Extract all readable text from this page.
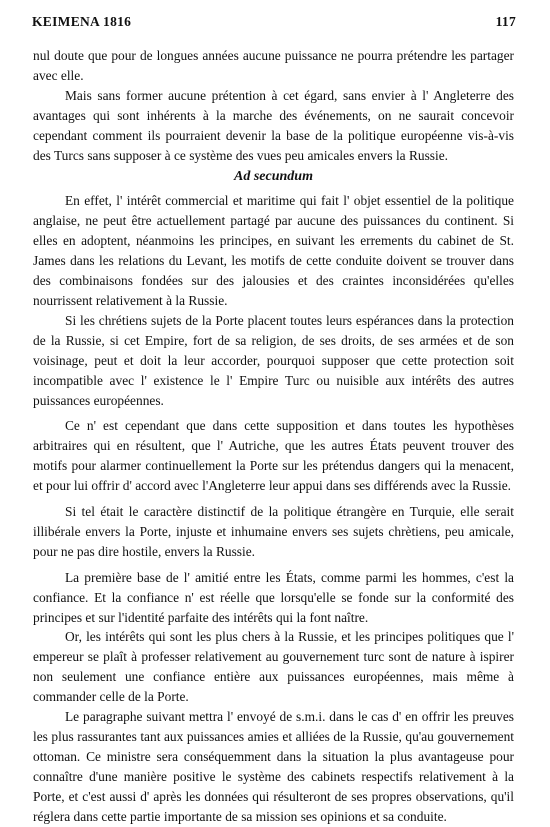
KEIMENA 1816	117

nul doute que pour de longues années aucune puissance ne pourra prétendre les partager avec elle.

Mais sans former aucune prétention à cet égard, sans envier à l' Angleterre des avantages qui sont inhérents à la marche des événements, on ne saurait concevoir cependant comment ils pourraient devenir la base de la politique européenne vis-à-vis des Turcs sans supposer à ce système des vues peu amicales envers la Russie.

Ad secundum

En effet, l' intérêt commercial et maritime qui fait l' objet essentiel de la politique anglaise, ne peut être actuellement partagé par aucune des puissances du continent. Si elles en adoptent, néanmoins les principes, en suivant les errements du cabinet de St. James dans les relations du Levant, les motifs de cette conduite doivent se trouver dans des combinaisons fondées sur des jalousies et des craintes inconsidérées qu'elles nourrissent relativement à la Russie.

Si les chrétiens sujets de la Porte placent toutes leurs espérances dans la protection de la Russie, si cet Empire, fort de sa religion, de ses droits, de ses armées et de son voisinage, peut et doit la leur accorder, pourquoi supposer que cette protection soit incompatible avec l' existence le l' Empire Turc ou nuisible aux intérêts des autres puissances européennes.

Ce n' est cependant que dans cette supposition et dans toutes les hypothèses arbitraires qui en résultent, que l' Autriche, que les autres États peuvent trouver des motifs pour alarmer continuellement la Porte sur les prétendus dangers qui la menacent, et pour lui offrir d' accord avec l'Angleterre leur appui dans ses différends avec la Russie.

Si tel était le caractère distinctif de la politique étrangère en Turquie, elle serait illibérale envers la Porte, injuste et inhumaine envers ses sujets chrètiens, peu amicale, pour ne pas dire hostile, envers la Russie.

La première base de l' amitié entre les États, comme parmi les hommes, c'est la confiance. Et la confiance n' est réelle que lorsqu'elle se fonde sur la conformité des principes et sur l'identité parfaite des intérêts qui la font naître.

Or, les intérêts qui sont les plus chers à la Russie, et les principes politiques que l' empereur se plaît à professer relativement au gouvernement turc sont de nature à ispirer non seulement une confiance entière aux puissances européennes, mais même à commander celle de la Porte.

Le paragraphe suivant mettra l' envoyé de s.m.i. dans le cas d' en offrir les preuves les plus rassurantes tant aux puissances amies et alliées de la Russie, qu'au gouvernement ottoman. Ce ministre sera conséquemment dans la situation la plus avantageuse pour connaître d'une manière positive le système des cabinets respectifs relativement à la Porte, et c'est aussi d' après les données qui résulteront de ses propres observations, qu'il réglera dans cette partie importante de sa mission ses opinions et sa conduite.
